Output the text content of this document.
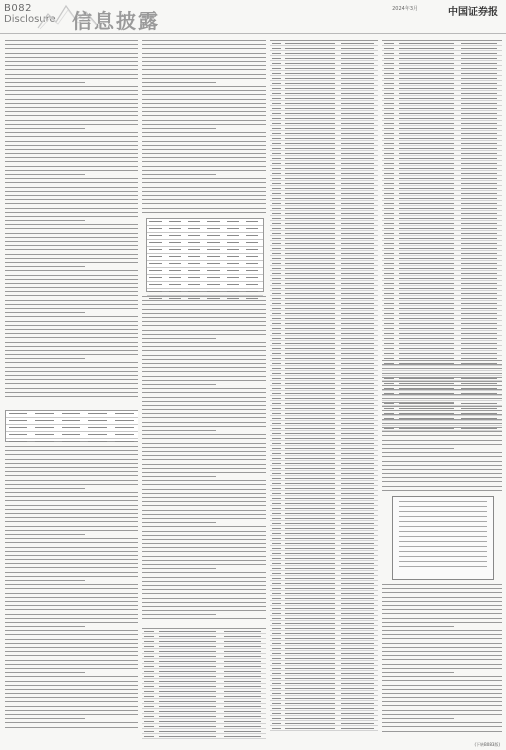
B082
Disclosure 信息披露	2024年3月	中国证券报
(下转B083版)
